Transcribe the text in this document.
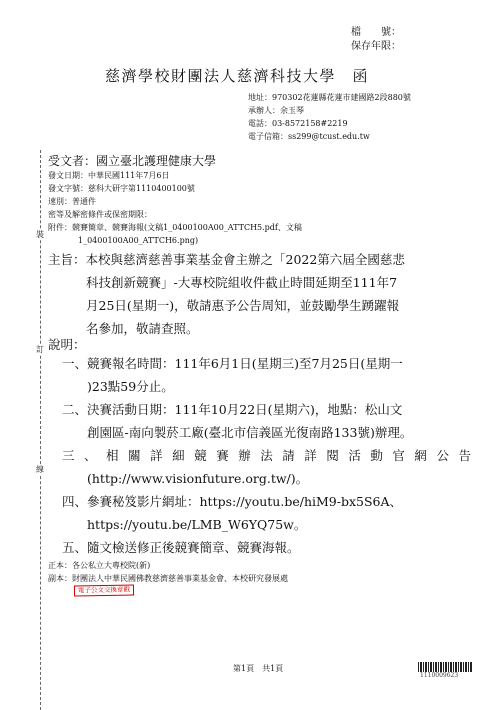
檔　　號：
保存年限：
慈濟學校財團法人慈濟科技大學　函
地址：970302花蓮縣花蓮市建國路2段880號
承辦人：余玉琴
電話：03-8572158#2219
電子信箱：ss299@tcust.edu.tw
受文者：國立臺北護理健康大學
發文日期：中華民國111年7月6日
發文字號：慈科大研字第1110400100號
速別：普通件
密等及解密條件或保密期限：
附件：競賽簡章、競賽海報(文稿1_0400100A00_ATTCH5.pdf、文稿
1_0400100A00_ATTCH6.png)
主旨：本校與慈濟慈善事業基金會主辦之「2022第六屆全國慈悲
科技創新競賽」-大專校院組收件截止時間延期至111年7
月25日(星期一)，敬請惠予公告周知，並鼓勵學生踴躍報
名參加，敬請查照。
說明：
一、競賽報名時間：111年6月1日(星期三)至7月25日(星期一
　　)23點59分止。
二、決賽活動日期：111年10月22日(星期六)，地點：松山文
　　創園區-南向製菸工廠(臺北市信義區光復南路133號)辦理。
三、相關詳細競賽辦法請詳閱活動官網公告
　　(http://www.visionfuture.org.tw/)。
四、參賽秘笈影片網址：https://youtu.be/hiM9-bx5S6A、
　　https://youtu.be/LMB_W6YQ75w。
五、隨文檢送修正後競賽簡章、競賽海報。
正本：各公私立大專校院(新)
副本：財團法人中華民國佛教慈濟慈善事業基金會、本校研究發展處
電子公文交換章戳
裝
訂
線
第1頁　共1頁
1110009623
